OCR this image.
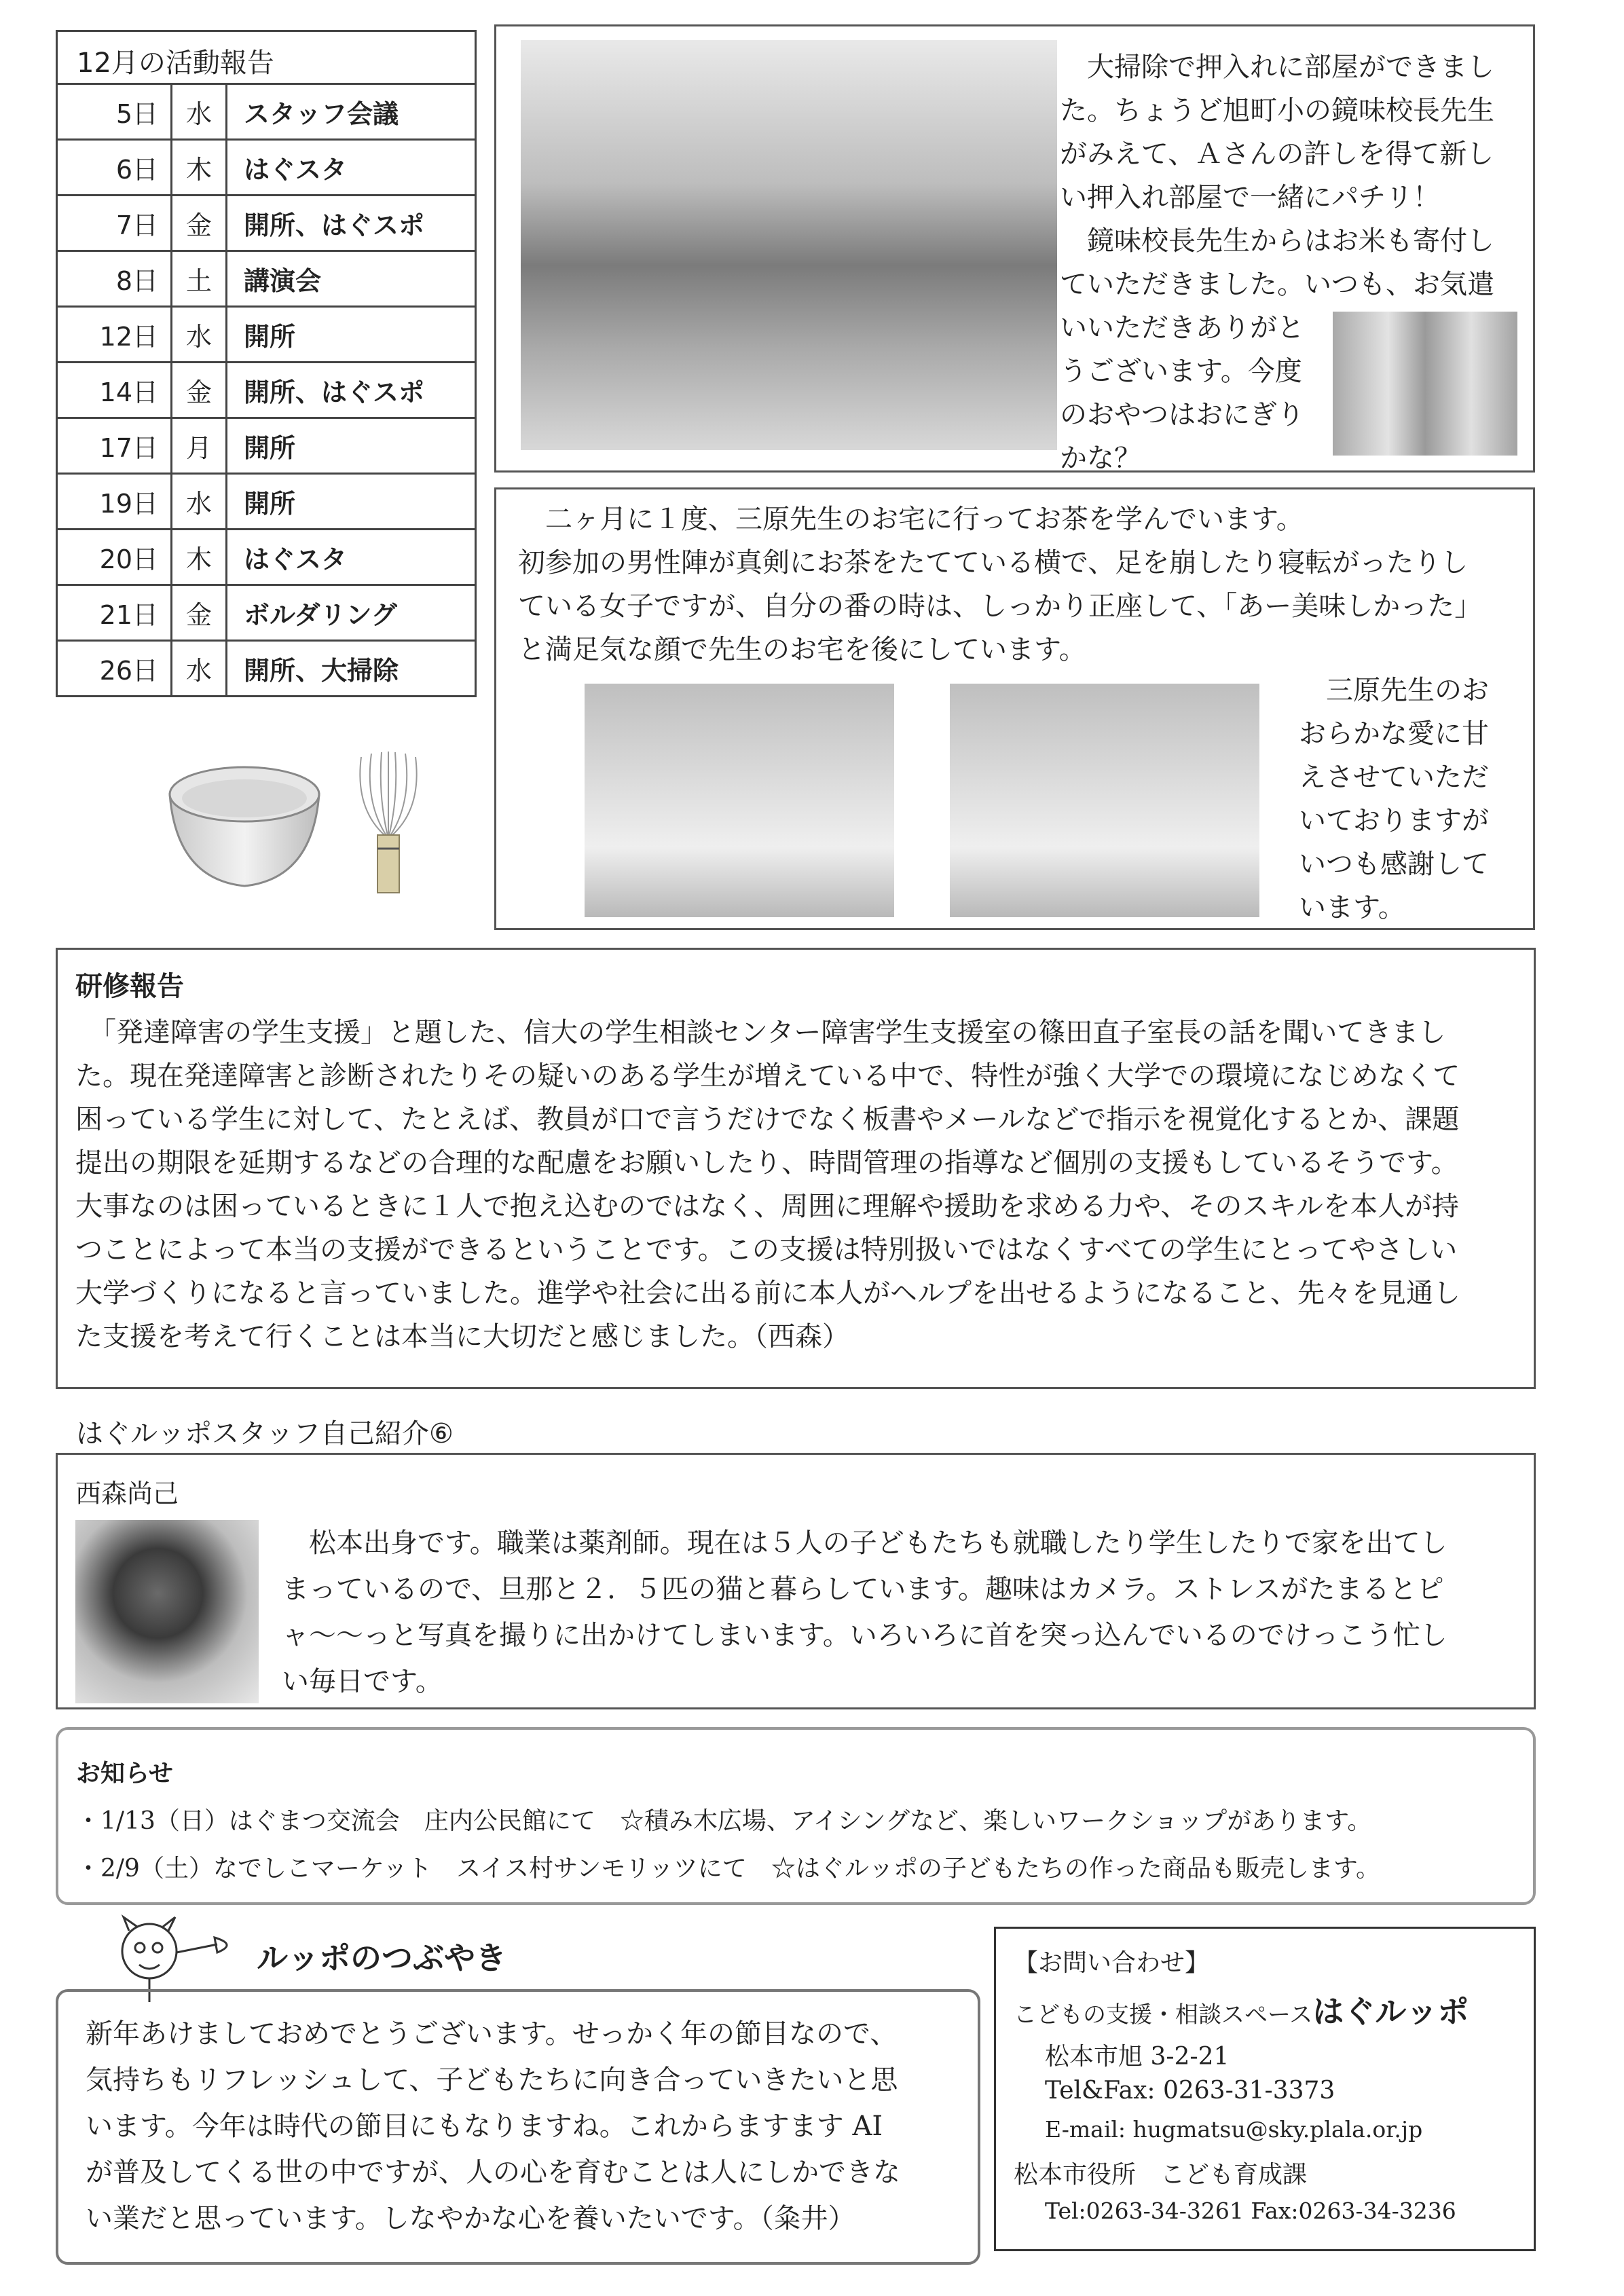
12月の活動報告
5日	水	スタッフ会議
6日	木	はぐスタ
7日	金	開所、はぐスポ
8日	土	講演会
12日	水	開所
14日	金	開所、はぐスポ
17日	月	開所
19日	水	開所
20日	木	はぐスタ
21日	金	ボルダリング
26日	水	開所、大掃除

　大掃除で押入れに部屋ができまし

た。ちょうど旭町小の鏡味校長先生

がみえて、Ａさんの許しを得て新し

い押入れ部屋で一緒にパチリ！

　鏡味校長先生からはお米も寄付し

ていただきました。いつも、お気遣

いいただきありがと

うございます。今度

のおやつはおにぎり

かな？

　二ヶ月に１度、三原先生のお宅に行ってお茶を学んでいます。

初参加の男性陣が真剣にお茶をたてている横で、足を崩したり寝転がったりし

ている女子ですが、自分の番の時は、しっかり正座して、「あー美味しかった」

と満足気な顔で先生のお宅を後にしています。

　三原先生のお

おらかな愛に甘

えさせていただ

いておりますが

いつも感謝して

います。

研修報告

　「発達障害の学生支援」と題した、信大の学生相談センター障害学生支援室の篠田直子室長の話を聞いてきまし

た。現在発達障害と診断されたりその疑いのある学生が増えている中で、特性が強く大学での環境になじめなくて

困っている学生に対して、たとえば、教員が口で言うだけでなく板書やメールなどで指示を視覚化するとか、課題

提出の期限を延期するなどの合理的な配慮をお願いしたり、時間管理の指導など個別の支援もしているそうです。

大事なのは困っているときに１人で抱え込むのではなく、周囲に理解や援助を求める力や、そのスキルを本人が持

つことによって本当の支援ができるということです。この支援は特別扱いではなくすべての学生にとってやさしい

大学づくりになると言っていました。進学や社会に出る前に本人がヘルプを出せるようになること、先々を見通し

た支援を考えて行くことは本当に大切だと感じました。（西森）

はぐルッポスタッフ自己紹介⑥
西森尚己

　松本出身です。職業は薬剤師。現在は５人の子どもたちも就職したり学生したりで家を出てし

まっているので、旦那と２．５匹の猫と暮らしています。趣味はカメラ。ストレスがたまるとピ

ャ～～っと写真を撮りに出かけてしまいます。いろいろに首を突っ込んでいるのでけっこう忙し

い毎日です。

お知らせ

・1/13（日）はぐまつ交流会　庄内公民館にて　☆積み木広場、アイシングなど、楽しいワークショップがあります。

・2/9（土）なでしこマーケット　スイス村サンモリッツにて　☆はぐルッポの子どもたちの作った商品も販売します。

ルッポのつぶやき

新年あけましておめでとうございます。せっかく年の節目なので、

気持ちもリフレッシュして、子どもたちに向き合っていきたいと思

います。今年は時代の節目にもなりますね。これからますます AI

が普及してくる世の中ですが、人の心を育むことは人にしかできな

い業だと思っています。しなやかな心を養いたいです。（粂井）

【お問い合わせ】
こどもの支援・相談スペースはぐルッポ
松本市旭 3-2-21
Tel&Fax: 0263-31-3373
E-mail: hugmatsu@sky.plala.or.jp
松本市役所　こども育成課
Tel:0263-34-3261 Fax:0263-34-3236
